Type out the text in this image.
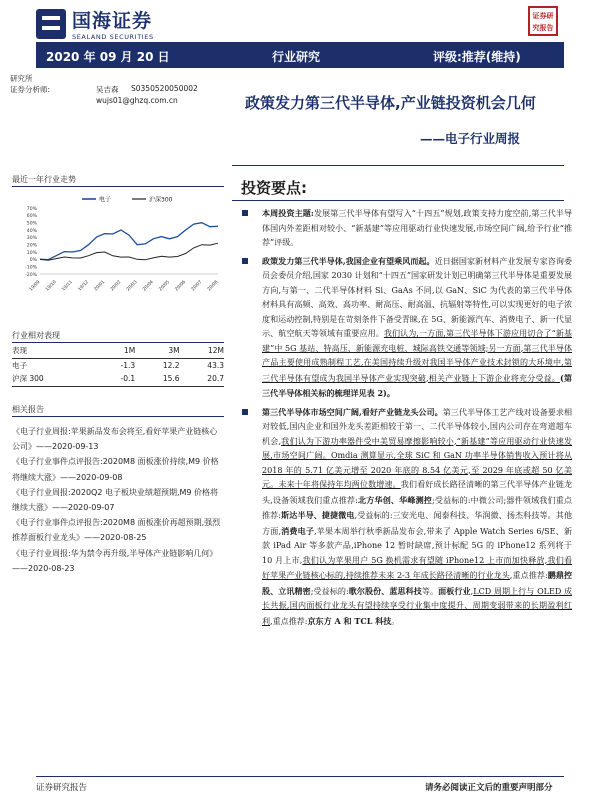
国海证券
SEALAND SECURITIES
证券研究报告
2020 年 09 月 20 日	行业研究	评级:推荐(维持)
研究所
证券分析师:	吴吉森 S0350520050002
wujs01@ghzq.com.cn	政策发力第三代半导体,产业链投资机会几何
——电子行业周报
最近一年行业走势
电子	沪深300
70%
60%
50%
40%
30%
20%
10%
0%
-10%
-20%
19/09 19/10 19/11 19/12 20/01 20/02 20/03 20/04 20/05 20/06 20/07 20/08
行业相对表现
表现	1M	3M	12M
电子	-1.3	12.2	43.3
沪深 300	-0.1	15.6	20.7
相关报告

《电子行业周报:苹果新品发布会将至,看好苹果产业链核心公司》——2020-09-13

《电子行业事件点评报告:2020M8 面板涨价持续,M9 价格将继续大涨》——2020-09-08

《电子行业周报:2020Q2 电子板块业绩超预期,M9 价格将继续大涨》——2020-09-07

《电子行业事件点评报告:2020M8 面板涨价再超预期,强烈推荐面板行业龙头》——2020-08-25

《电子行业周报:华为禁令再升级,半导体产业链影响几何》——2020-08-23

投资要点:
本周投资主题:发展第三代半导体有望写入“十四五”规划,政策支持力度空前,第三代半导体国内外差距相对较小、“新基建”等应用驱动行业快速发展,市场空间广阔,给予行业“推荐”评级。
政策发力第三代半导体,我国企业有望乘风而起。近日据国家新材料产业发展专家咨询委员会委员介绍,国家 2030 计划和“十四五”国家研发计划已明确第三代半导体是重要发展方向,与第一、二代半导体材料 Si、GaAs 不同,以 GaN、SiC 为代表的第三代半导体材料具有高频、高效、高功率、耐高压、耐高温、抗辐射等特性,可以实现更好的电子浓度和运动控制,特别是在苛刻条件下备受青睐,在 5G、新能源汽车、消费电子、新一代显示、航空航天等领域有重要应用。我们认为,一方面,第三代半导体下游应用切合了“新基建”中 5G 基站、特高压、新能源充电桩、城际高铁交通等领域;另一方面,第三代半导体产品主要使用成熟制程工艺,在美国持续升级对我国半导体产业技术封锁的大环境中,第三代半导体有望成为我国半导体产业实现突破,相关产业链上下游企业将充分受益。(第三代半导体相关标的梳理详见表 2)。
第三代半导体市场空间广阔,看好产业链龙头公司。第三代半导体工艺产线对设备要求相对较低,国内企业和国外龙头差距相较于第一、二代半导体较小,国内公司存在弯道超车机会,我们认为下游功率器件受中美贸易摩擦影响较小,“新基建”等应用驱动行业快速发展,市场空间广阔。Omdia 测算显示,全球 SiC 和 GaN 功率半导体销售收入预计将从 2018 年的 5.71 亿美元增至 2020 年底的 8.54 亿美元,至 2029 年底或超 50 亿美元。未来十年将保持年均两位数增速。我们看好成长路径清晰的第三代半导体产业链龙头,设备领域我们重点推荐:北方华创、华峰测控;受益标的:中微公司;器件领域我们重点推荐:斯达半导、捷捷微电,受益标的:三安光电、闻泰科技、华润微、扬杰科技等。其他方面,消费电子,苹果本周举行秋季新品发布会,带来了 Apple Watch Series 6/SE、新款 iPad Air 等多款产品,iPhone 12 暂时缺席,预计标配 5G 的 iPhone12 系列将于 10 月上市,我们认为苹果用户 5G 换机需求有望随 iPhone12 上市而加快释放,我们看好苹果产业链核心标的,持续推荐未来 2-3 年成长路径清晰的行业龙头,重点推荐:鹏鼎控股、立讯精密;受益标的:歌尔股份、蓝思科技等。面板行业,LCD 周期上行与 OLED 成长共振,国内面板行业龙头有望持续享受行业集中度提升、周期变弱带来的长期盈利红利,重点推荐:京东方 A 和 TCL 科技。
证券研究报告	请务必阅读正文后的重要声明部分
